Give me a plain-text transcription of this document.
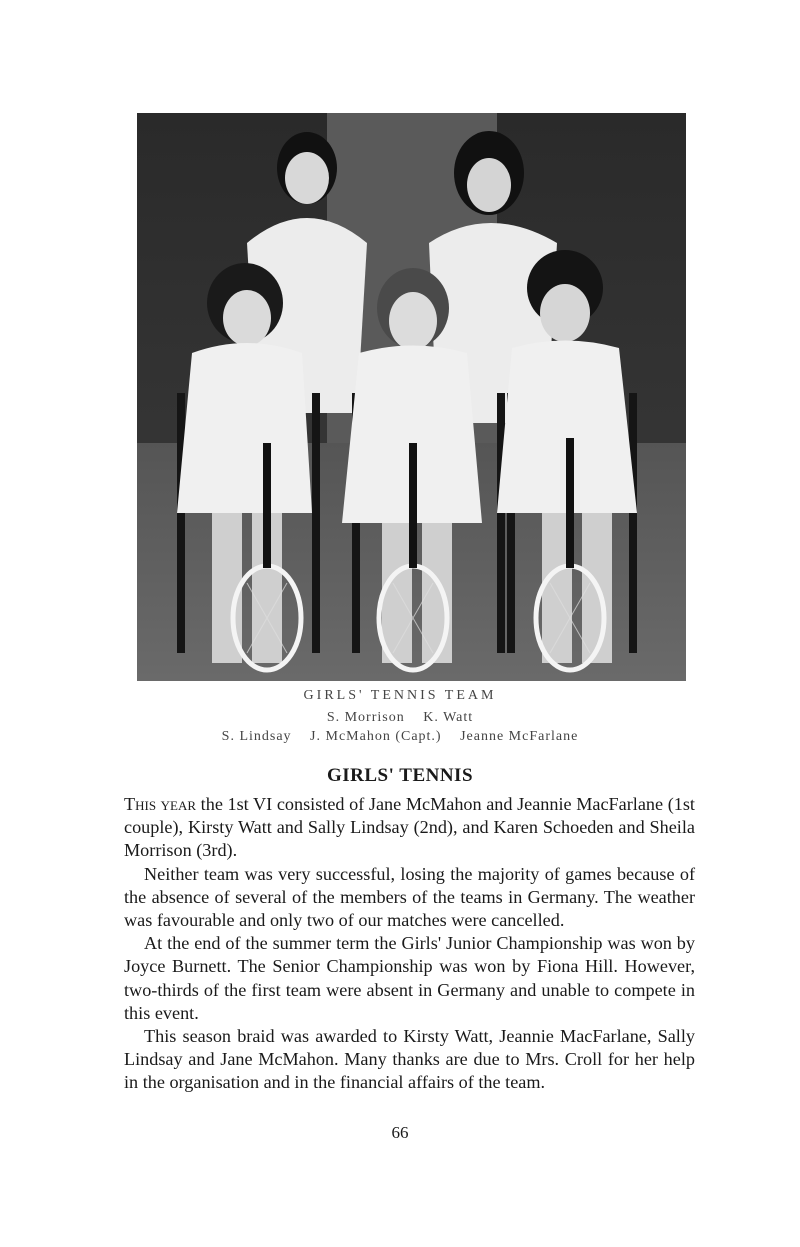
GIRLS' TENNIS TEAM
S. Morrison K. Watt
S. Lindsay J. McMahon (Capt.) Jeanne McFarlane
GIRLS' TENNIS

This year the 1st VI consisted of Jane McMahon and Jeannie MacFarlane (1st couple), Kirsty Watt and Sally Lindsay (2nd), and Karen Schoeden and Sheila Morrison (3rd).

Neither team was very successful, losing the majority of games because of the absence of several of the members of the teams in Germany. The weather was favourable and only two of our matches were cancelled.

At the end of the summer term the Girls' Junior Championship was won by Joyce Burnett. The Senior Championship was won by Fiona Hill. However, two-thirds of the first team were absent in Germany and unable to compete in this event.

This season braid was awarded to Kirsty Watt, Jeannie MacFarlane, Sally Lindsay and Jane McMahon. Many thanks are due to Mrs. Croll for her help in the organisation and in the financial affairs of the team.

66
